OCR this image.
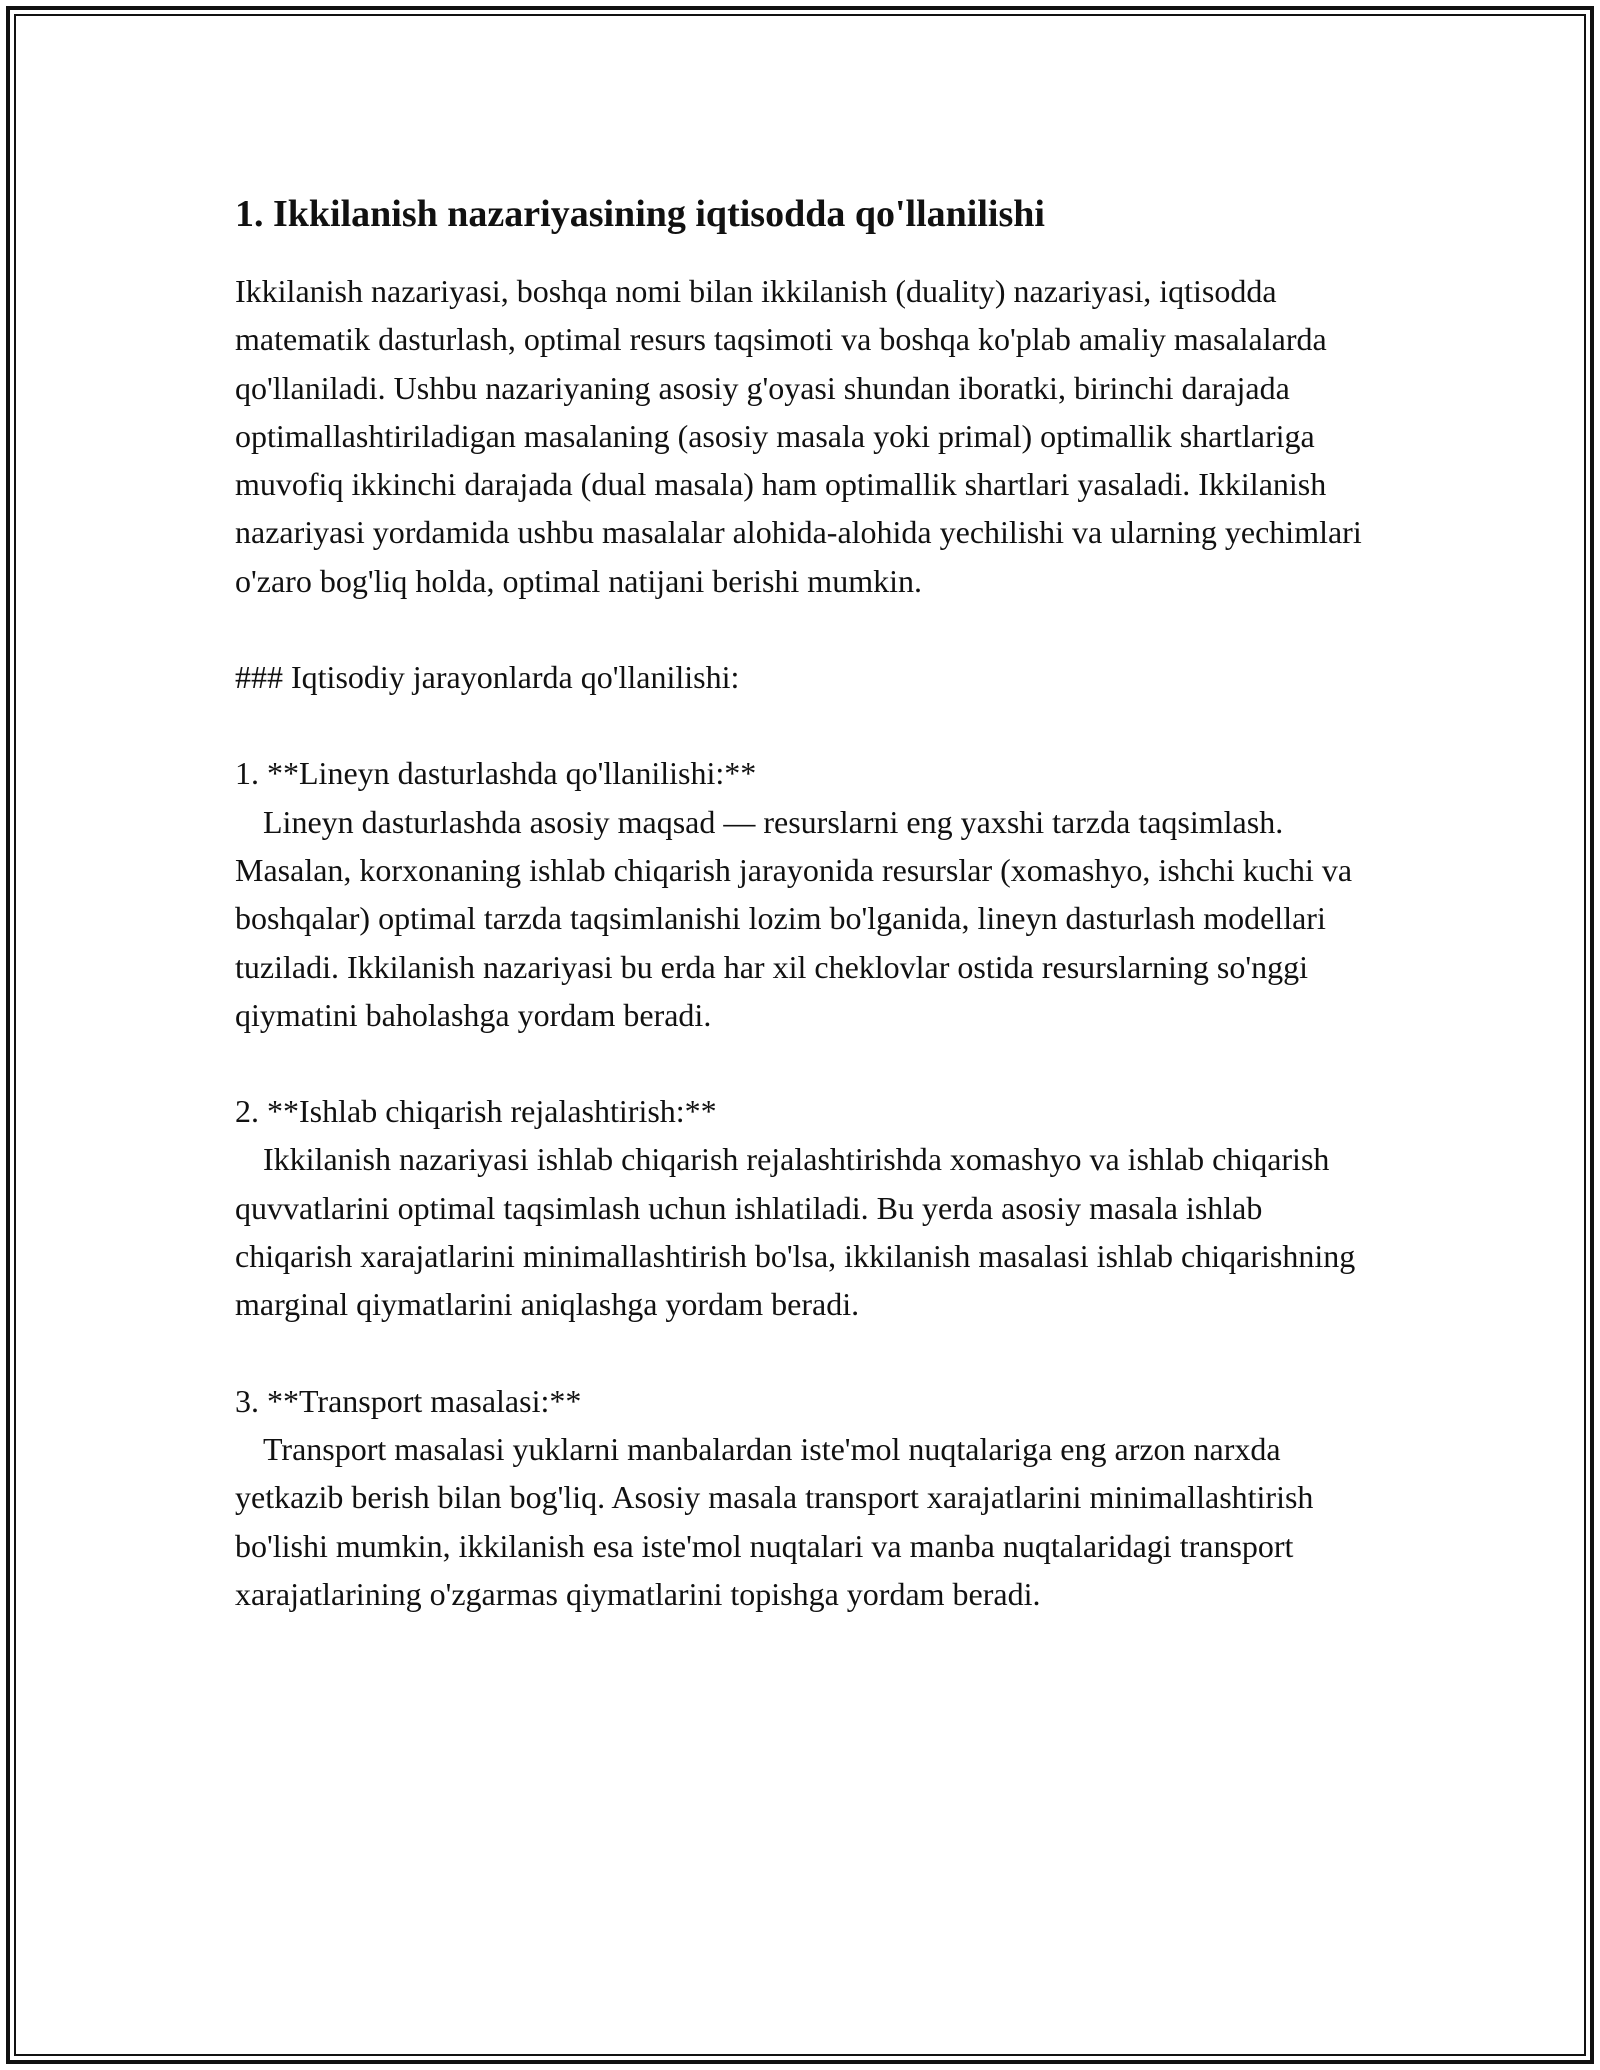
1. Ikkilanish nazariyasining iqtisodda qo'llanilishi

Ikkilanish nazariyasi, boshqa nomi bilan ikkilanish (duality) nazariyasi, iqtisodda matematik dasturlash, optimal resurs taqsimoti va boshqa ko'plab amaliy masalalarda qo'llaniladi. Ushbu nazariyaning asosiy g'oyasi shundan iboratki, birinchi darajada optimallashtiriladigan masalaning (asosiy masala yoki primal) optimallik shartlariga muvofiq ikkinchi darajada (dual masala) ham optimallik shartlari yasaladi. Ikkilanish nazariyasi yordamida ushbu masalalar alohida-alohida yechilishi va ularning yechimlari o'zaro bog'liq holda, optimal natijani berishi mumkin.

### Iqtisodiy jarayonlarda qo'llanilishi:

1. **Lineyn dasturlashda qo'llanilishi:**
Lineyn dasturlashda asosiy maqsad — resurslarni eng yaxshi tarzda taqsimlash. Masalan, korxonaning ishlab chiqarish jarayonida resurslar (xomashyo, ishchi kuchi va boshqalar) optimal tarzda taqsimlanishi lozim bo'lganida, lineyn dasturlash modellari tuziladi. Ikkilanish nazariyasi bu erda har xil cheklovlar ostida resurslarning so'nggi qiymatini baholashga yordam beradi.

2. **Ishlab chiqarish rejalashtirish:**
Ikkilanish nazariyasi ishlab chiqarish rejalashtirishda xomashyo va ishlab chiqarish quvvatlarini optimal taqsimlash uchun ishlatiladi. Bu yerda asosiy masala ishlab chiqarish xarajatlarini minimallashtirish bo'lsa, ikkilanish masalasi ishlab chiqarishning marginal qiymatlarini aniqlashga yordam beradi.

3. **Transport masalasi:**
Transport masalasi yuklarni manbalardan iste'mol nuqtalariga eng arzon narxda yetkazib berish bilan bog'liq. Asosiy masala transport xarajatlarini minimallashtirish bo'lishi mumkin, ikkilanish esa iste'mol nuqtalari va manba nuqtalaridagi transport xarajatlarining o'zgarmas qiymatlarini topishga yordam beradi.
